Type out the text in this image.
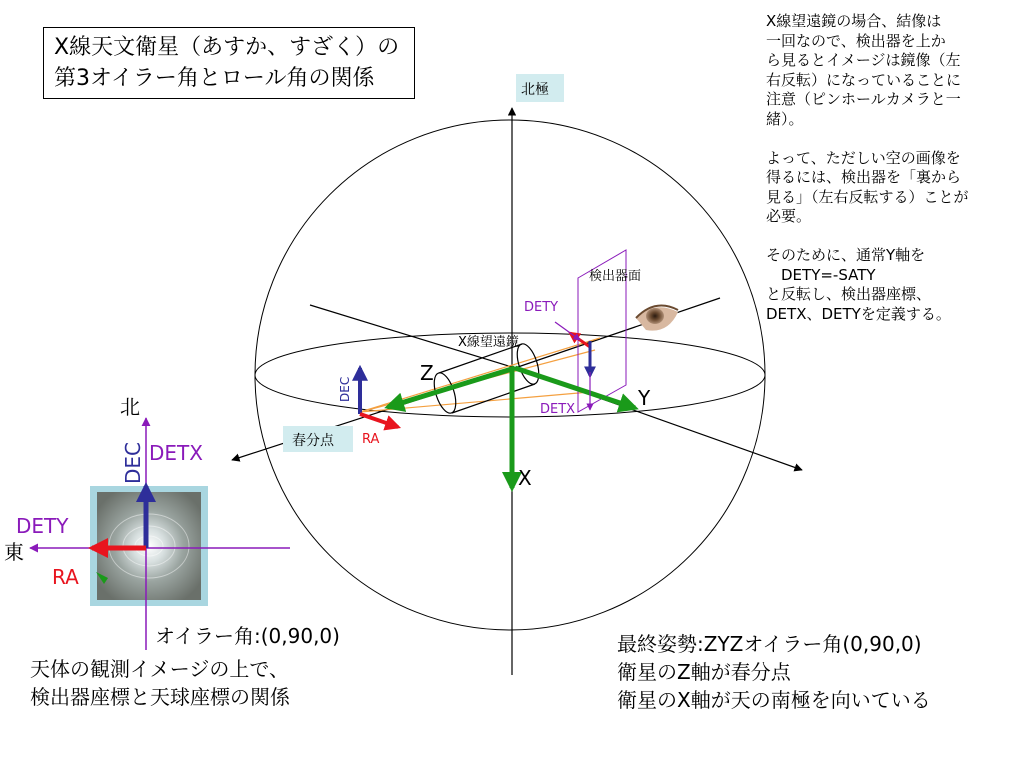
X線天文衛星（あすか、すざく）の
第3オイラー角とロール角の関係
X線望遠鏡の場合、結像は
一回なので、検出器を上か
ら見るとイメージは鏡像（左
右反転）になっていることに
注意（ピンホールカメラと一
緒）。

よって、ただしい空の画像を
得るには、検出器を「裏から
見る」（左右反転する）ことが
必要。

そのために、通常Y軸を
　DETY=-SATY
と反転し、検出器座標、
DETX、DETYを定義する。
Z
Y
X
DETY
DETX
DEC
RA
検出器面
X線望遠鏡
北極
春分点
北
東
DEC DETX
DETY
RA
オイラー角:(0,90,0)
天体の観測イメージの上で、
検出器座標と天球座標の関係
最終姿勢:ZYZオイラー角(0,90,0)
衛星のZ軸が春分点
衛星のX軸が天の南極を向いている
